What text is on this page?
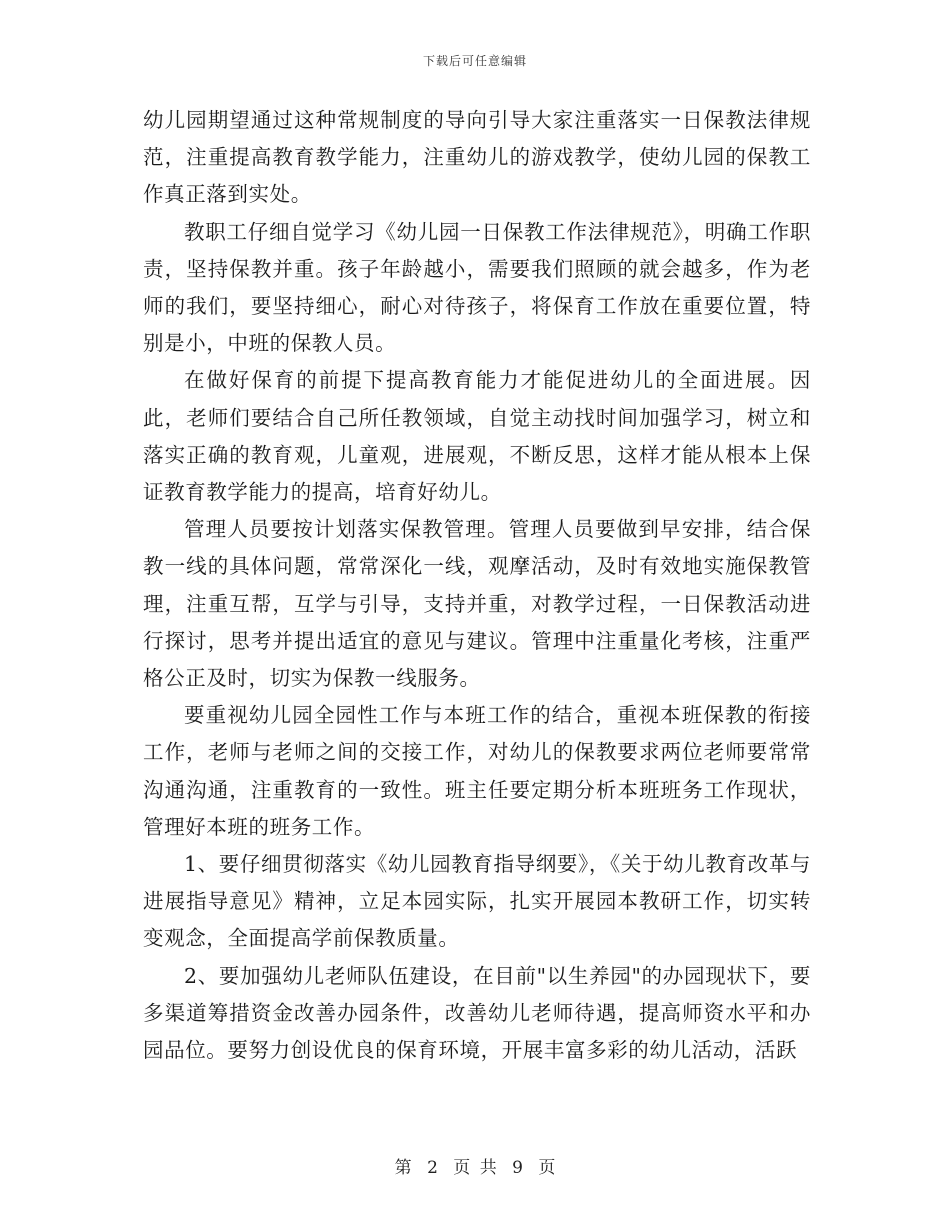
下载后可任意编辑

幼儿园期望通过这种常规制度的导向引导大家注重落实一日保教法律规范，注重提高教育教学能力，注重幼儿的游戏教学，使幼儿园的保教工作真正落到实处。

教职工仔细自觉学习《幼儿园一日保教工作法律规范》，明确工作职责，坚持保教并重。孩子年龄越小，需要我们照顾的就会越多，作为老师的我们，要坚持细心，耐心对待孩子，将保育工作放在重要位置，特别是小，中班的保教人员。

在做好保育的前提下提高教育能力才能促进幼儿的全面进展。因此，老师们要结合自己所任教领域，自觉主动找时间加强学习，树立和落实正确的教育观，儿童观，进展观，不断反思，这样才能从根本上保证教育教学能力的提高，培育好幼儿。

管理人员要按计划落实保教管理。管理人员要做到早安排，结合保教一线的具体问题，常常深化一线，观摩活动，及时有效地实施保教管理，注重互帮，互学与引导，支持并重，对教学过程，一日保教活动进行探讨，思考并提出适宜的意见与建议。管理中注重量化考核，注重严格公正及时，切实为保教一线服务。

要重视幼儿园全园性工作与本班工作的结合，重视本班保教的衔接工作，老师与老师之间的交接工作，对幼儿的保教要求两位老师要常常沟通沟通，注重教育的一致性。班主任要定期分析本班班务工作现状，管理好本班的班务工作。

1、要仔细贯彻落实《幼儿园教育指导纲要》，《关于幼儿教育改革与进展指导意见》精神，立足本园实际，扎实开展园本教研工作，切实转变观念，全面提高学前保教质量。

2、要加强幼儿老师队伍建设，在目前"以生养园"的办园现状下，要多渠道筹措资金改善办园条件，改善幼儿老师待遇，提高师资水平和办园品位。要努力创设优良的保育环境，开展丰富多彩的幼儿活动，活跃

第 2 页 共 9 页
